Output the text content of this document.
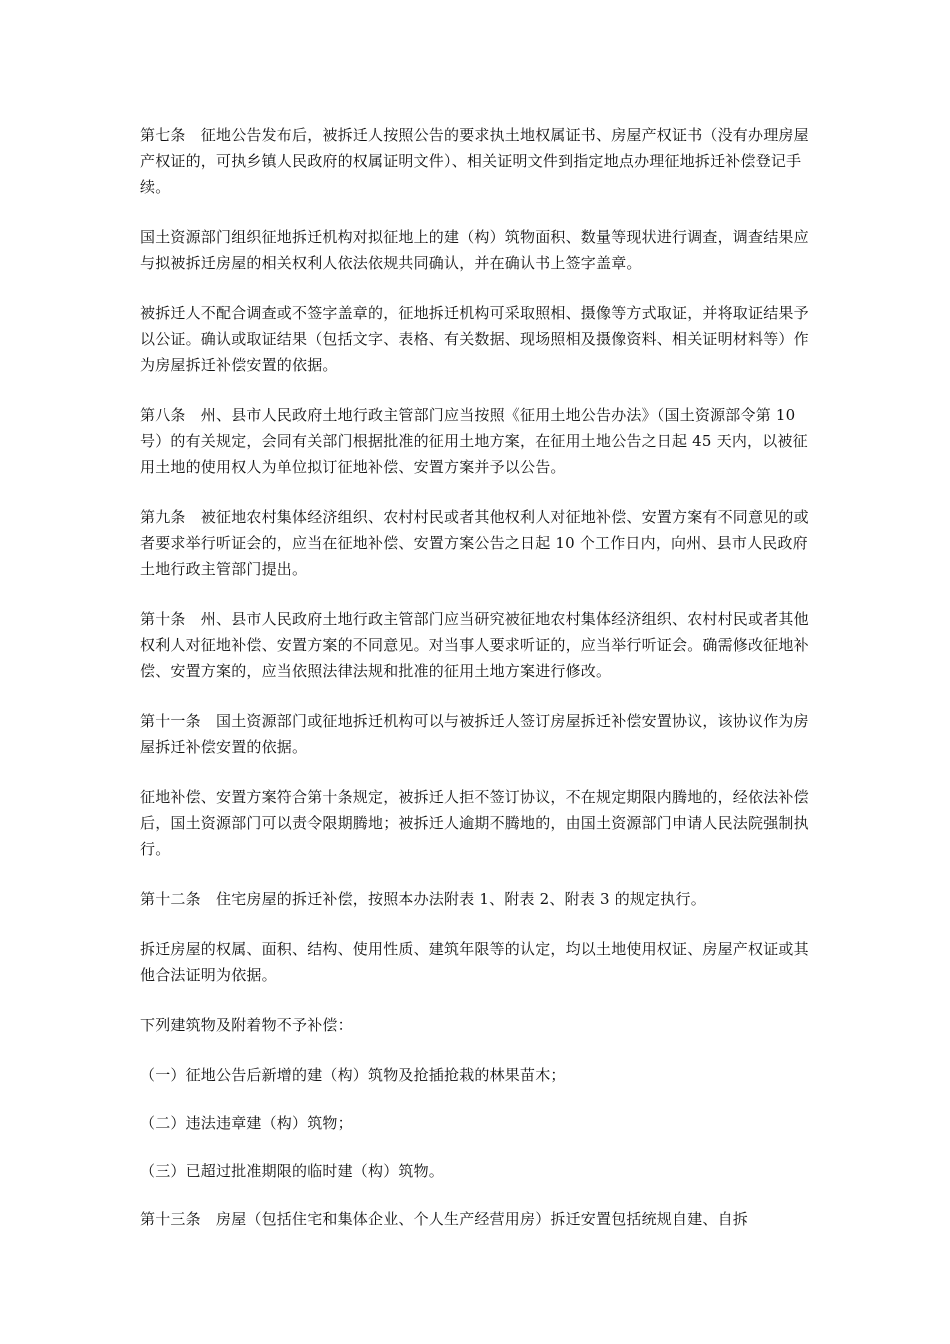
第七条　征地公告发布后，被拆迁人按照公告的要求执土地权属证书、房屋产权证书（没有办理房屋产权证的，可执乡镇人民政府的权属证明文件）、相关证明文件到指定地点办理征地拆迁补偿登记手续。

国土资源部门组织征地拆迁机构对拟征地上的建（构）筑物面积、数量等现状进行调查，调查结果应与拟被拆迁房屋的相关权利人依法依规共同确认，并在确认书上签字盖章。

被拆迁人不配合调查或不签字盖章的，征地拆迁机构可采取照相、摄像等方式取证，并将取证结果予以公证。确认或取证结果（包括文字、表格、有关数据、现场照相及摄像资料、相关证明材料等）作为房屋拆迁补偿安置的依据。

第八条　州、县市人民政府土地行政主管部门应当按照《征用土地公告办法》（国土资源部令第 10 号）的有关规定，会同有关部门根据批准的征用土地方案，在征用土地公告之日起 45 天内，以被征用土地的使用权人为单位拟订征地补偿、安置方案并予以公告。

第九条　被征地农村集体经济组织、农村村民或者其他权利人对征地补偿、安置方案有不同意见的或者要求举行听证会的，应当在征地补偿、安置方案公告之日起 10 个工作日内，向州、县市人民政府土地行政主管部门提出。

第十条　州、县市人民政府土地行政主管部门应当研究被征地农村集体经济组织、农村村民或者其他权利人对征地补偿、安置方案的不同意见。对当事人要求听证的，应当举行听证会。确需修改征地补偿、安置方案的，应当依照法律法规和批准的征用土地方案进行修改。

第十一条　国土资源部门或征地拆迁机构可以与被拆迁人签订房屋拆迁补偿安置协议，该协议作为房屋拆迁补偿安置的依据。

征地补偿、安置方案符合第十条规定，被拆迁人拒不签订协议，不在规定期限内腾地的，经依法补偿后，国土资源部门可以责令限期腾地；被拆迁人逾期不腾地的，由国土资源部门申请人民法院强制执行。

第十二条　住宅房屋的拆迁补偿，按照本办法附表 1、附表 2、附表 3 的规定执行。

拆迁房屋的权属、面积、结构、使用性质、建筑年限等的认定，均以土地使用权证、房屋产权证或其他合法证明为依据。

下列建筑物及附着物不予补偿：

（一）征地公告后新增的建（构）筑物及抢插抢栽的林果苗木；

（二）违法违章建（构）筑物；

（三）已超过批准期限的临时建（构）筑物。

第十三条　房屋（包括住宅和集体企业、个人生产经营用房）拆迁安置包括统规自建、自拆
